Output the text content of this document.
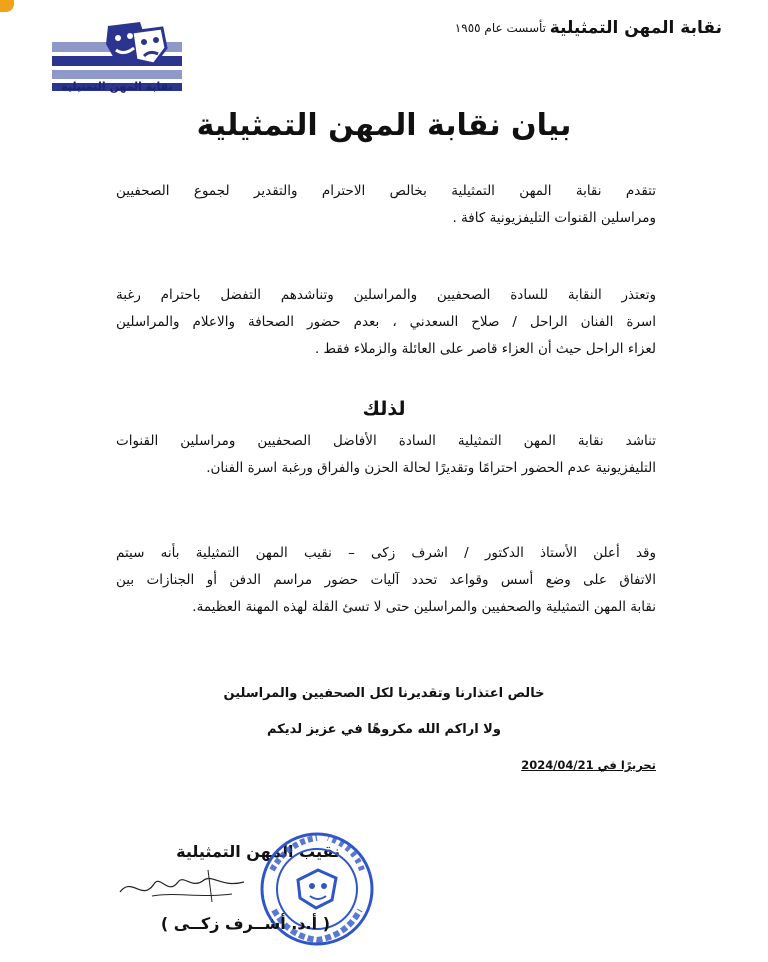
نقابة المهن التمثيلية
تأسست عام ١٩٥٥
نقابة المهن التمثيلية
بيان نقابة المهن التمثيلية
تتقدم نقابة المهن التمثيلية بخالص الاحترام والتقدير لجموع الصحفيين
ومراسلين القنوات التليفزيونية كافة .
وتعتذر النقابة للسادة الصحفيين والمراسلين وتناشدهم التفضل باحترام رغبة
اسرة الفنان الراحل / صلاح السعدني ، بعدم حضور الصحافة والاعلام والمراسلين
لعزاء الراحل حيث أن العزاء قاصر على العائلة والزملاء فقط .
لذلك
تناشد نقابة المهن التمثيلية السادة الأفاضل الصحفيين ومراسلين القنوات
التليفزيونية عدم الحضور احترامًا وتقديرًا لحالة الحزن والفراق ورغبة اسرة الفنان.
وقد أعلن الأستاذ الدكتور / اشرف زكى – نقيب المهن التمثيلية بأنه سيتم
الاتفاق على وضع أسس وقواعد تحدد آليات حضور مراسم الدفن أو الجنازات بين
نقابة المهن التمثيلية والصحفيين والمراسلين حتى لا تسئ القلة لهذه المهنة العظيمة.
خالص اعتذارنا وتقديرنا لكل الصحفيين والمراسلين
ولا اراكم الله مكروهًا في عزيز لديكم
تحريرًا في 2024/04/21
نقيب المهن التمثيلية
( أ.د. أشــرف زكــى )
